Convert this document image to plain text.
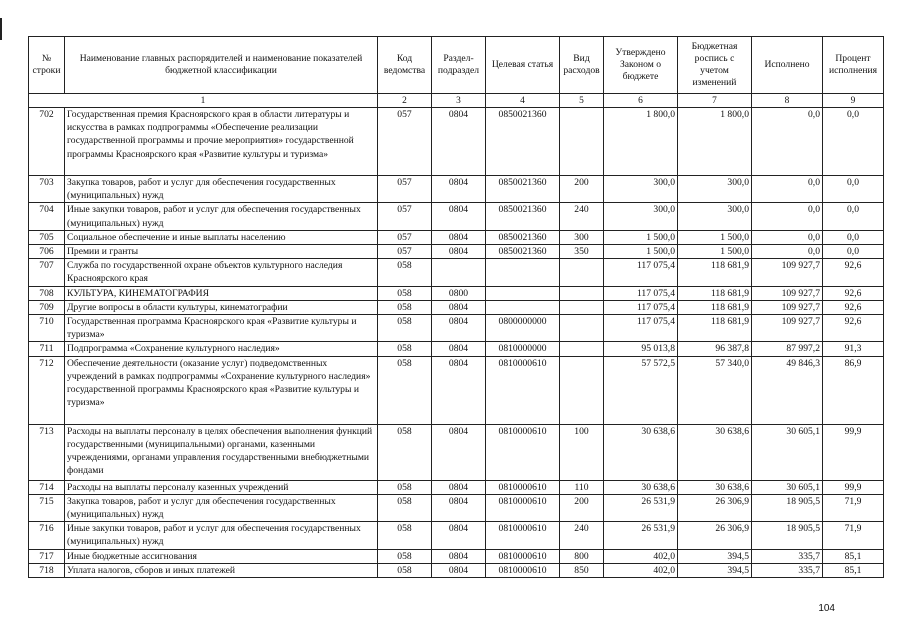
№ строки	Наименование главных распорядителей и наименование показателей бюджетной классификации	Код ведомства	Раздел-подраздел	Целевая статья	Вид расходов	Утверждено Законом о бюджете	Бюджетная роспись с учетом изменений	Исполнено	Процент исполнения
1		2	3	4	5	6	7	8	9
702	Государственная премия Красноярского края в области литературы и искусства в рамках подпрограммы «Обеспечение реализации государственной программы и прочие мероприятия» государственной программы Красноярского края «Развитие культуры и туризма»	057	0804	0850021360		1 800,0	1 800,0	0,0	0,0
703	Закупка товаров, работ и услуг для обеспечения государственных (муниципальных) нужд	057	0804	0850021360	200	300,0	300,0	0,0	0,0
704	Иные закупки товаров, работ и услуг для обеспечения государственных (муниципальных) нужд	057	0804	0850021360	240	300,0	300,0	0,0	0,0
705	Социальное обеспечение и иные выплаты населению	057	0804	0850021360	300	1 500,0	1 500,0	0,0	0,0
706	Премии и гранты	057	0804	0850021360	350	1 500,0	1 500,0	0,0	0,0
707	Служба по государственной охране объектов культурного наследия Красноярского края	058				117 075,4	118 681,9	109 927,7	92,6
708	КУЛЬТУРА, КИНЕМАТОГРАФИЯ	058	0800			117 075,4	118 681,9	109 927,7	92,6
709	Другие вопросы в области культуры, кинематографии	058	0804			117 075,4	118 681,9	109 927,7	92,6
710	Государственная программа Красноярского края «Развитие культуры и туризма»	058	0804	0800000000		117 075,4	118 681,9	109 927,7	92,6
711	Подпрограмма «Сохранение культурного наследия»	058	0804	0810000000		95 013,8	96 387,8	87 997,2	91,3
712	Обеспечение деятельности (оказание услуг) подведомственных учреждений в рамках подпрограммы «Сохранение культурного наследия» государственной программы Красноярского края «Развитие культуры и туризма»	058	0804	0810000610		57 572,5	57 340,0	49 846,3	86,9
713	Расходы на выплаты персоналу в целях обеспечения выполнения функций государственными (муниципальными) органами, казенными учреждениями, органами управления государственными внебюджетными фондами	058	0804	0810000610	100	30 638,6	30 638,6	30 605,1	99,9
714	Расходы на выплаты персоналу казенных учреждений	058	0804	0810000610	110	30 638,6	30 638,6	30 605,1	99,9
715	Закупка товаров, работ и услуг для обеспечения государственных (муниципальных) нужд	058	0804	0810000610	200	26 531,9	26 306,9	18 905,5	71,9
716	Иные закупки товаров, работ и услуг для обеспечения государственных (муниципальных) нужд	058	0804	0810000610	240	26 531,9	26 306,9	18 905,5	71,9
717	Иные бюджетные ассигнования	058	0804	0810000610	800	402,0	394,5	335,7	85,1
718	Уплата налогов, сборов и иных платежей	058	0804	0810000610	850	402,0	394,5	335,7	85,1
104
